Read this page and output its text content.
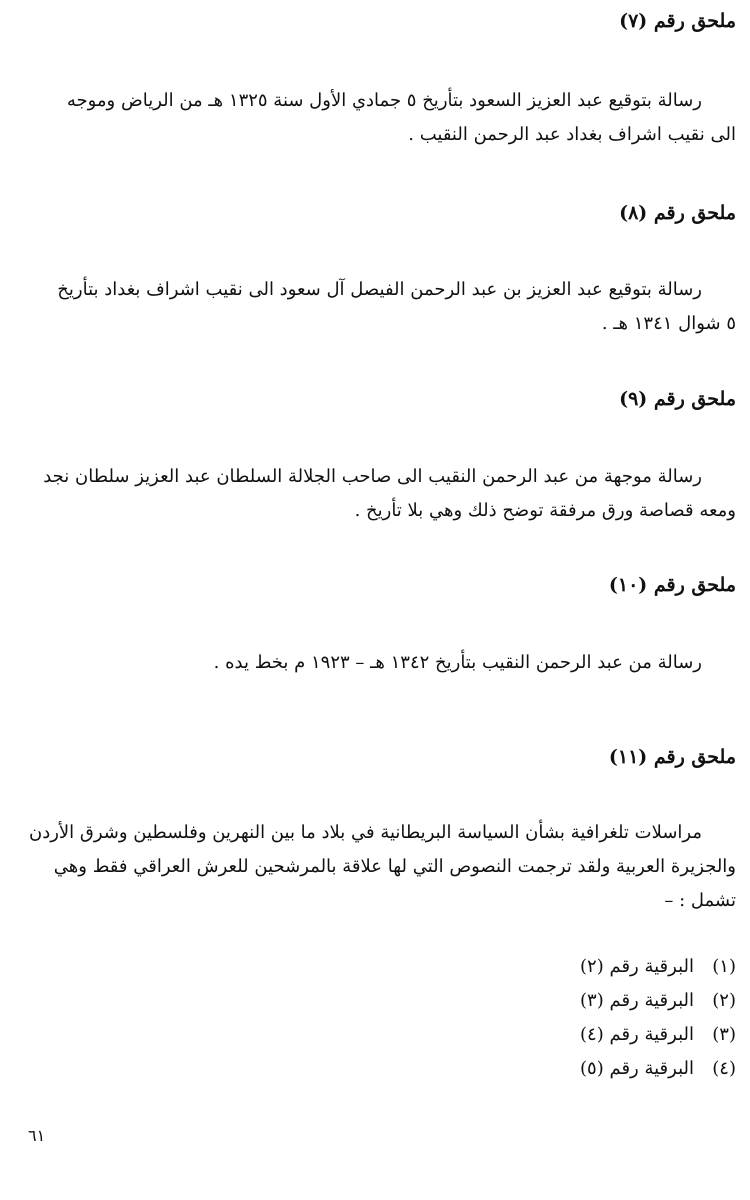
ملحق رقم (٧)
رسالة بتوقيع عبد العزيز السعود بتأريخ ٥ جمادي الأول سنة ١٣٢٥ هـ من الرياض وموجه
الى نقيب اشراف بغداد عبد الرحمن النقيب .
ملحق رقم (٨)
رسالة بتوقيع عبد العزيز بن عبد الرحمن الفيصل آل سعود الى نقيب اشراف بغداد بتأريخ
٥ شوال ١٣٤١ هـ .
ملحق رقم (٩)
رسالة موجهة من عبد الرحمن النقيب الى صاحب الجلالة السلطان عبد العزيز سلطان نجد
ومعه قصاصة ورق مرفقة توضح ذلك وهي بلا تأريخ .
ملحق رقم (١٠)
رسالة من عبد الرحمن النقيب بتأريخ ١٣٤٢ هـ – ١٩٢٣ م بخط يده .
ملحق رقم (١١)
مراسلات تلغرافية بشأن السياسة البريطانية في بلاد ما بين النهرين وفلسطين وشرق الأردن
والجزيرة العربية ولقد ترجمت النصوص التي لها علاقة بالمرشحين للعرش العراقي فقط وهي
تشمل : –
(١)
البرقية رقم (٢)
(٢)
البرقية رقم (٣)
(٣)
البرقية رقم (٤)
(٤)
البرقية رقم (٥)
٦١
